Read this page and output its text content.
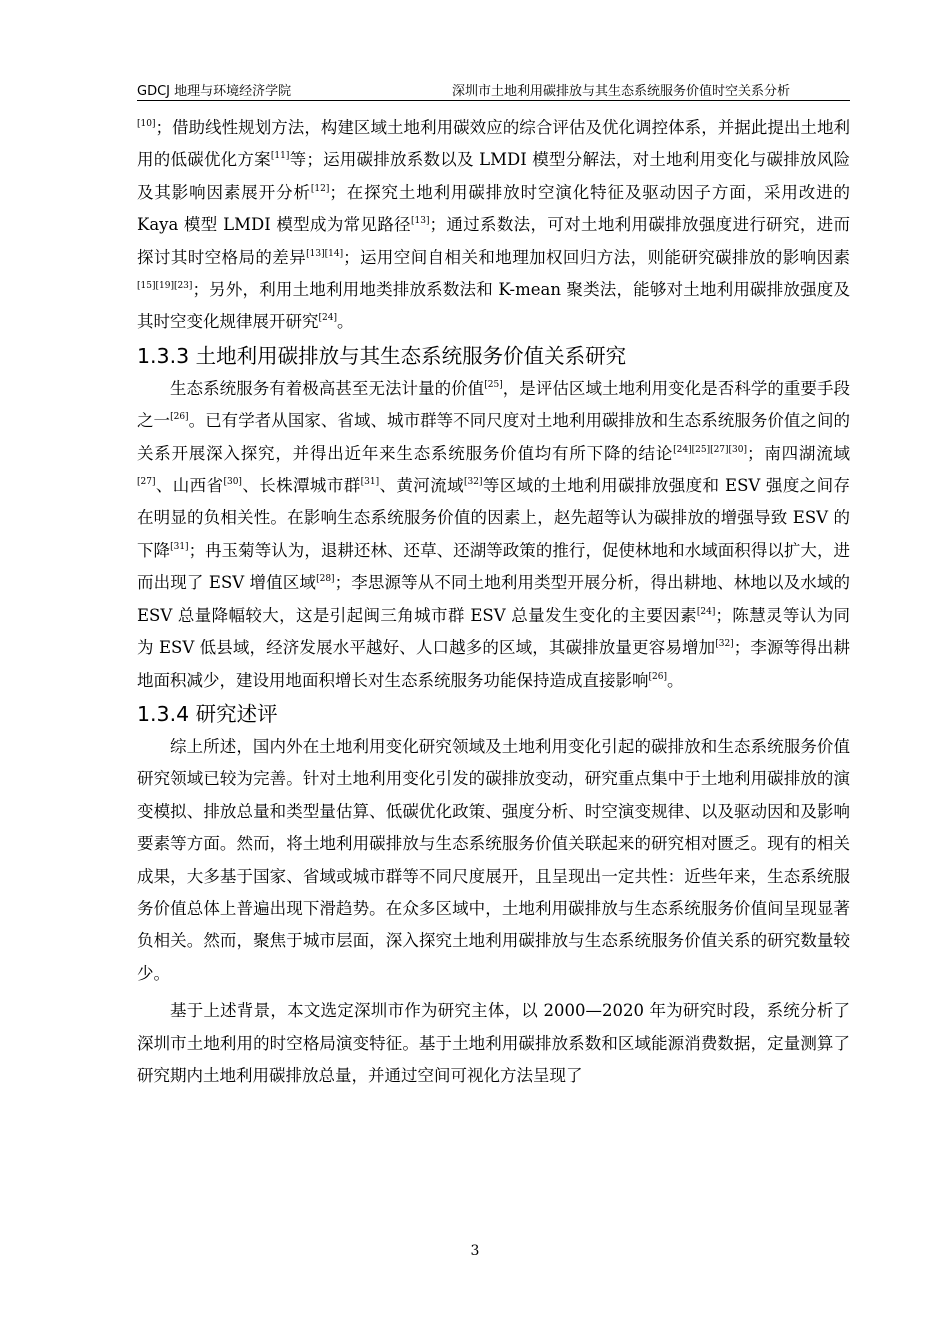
GDCJ 地理与环境经济学院	深圳市土地利用碳排放与其生态系统服务价值时空关系分析

[10]；借助线性规划方法，构建区域土地利用碳效应的综合评估及优化调控体系，并据此提出土地利用的低碳优化方案[11]等；运用碳排放系数以及 LMDI 模型分解法，对土地利用变化与碳排放风险及其影响因素展开分析[12]；在探究土地利用碳排放时空演化特征及驱动因子方面，采用改进的 Kaya 模型 LMDI 模型成为常见路径[13]；通过系数法，可对土地利用碳排放强度进行研究，进而探讨其时空格局的差异[13][14]；运用空间自相关和地理加权回归方法，则能研究碳排放的影响因素[15][19][23]；另外，利用土地利用地类排放系数法和 K-mean 聚类法，能够对土地利用碳排放强度及其时空变化规律展开研究[24]。

1.3.3 土地利用碳排放与其生态系统服务价值关系研究

生态系统服务有着极高甚至无法计量的价值[25]，是评估区域土地利用变化是否科学的重要手段之一[26]。已有学者从国家、省域、城市群等不同尺度对土地利用碳排放和生态系统服务价值之间的关系开展深入探究，并得出近年来生态系统服务价值均有所下降的结论[24][25][27][30]；南四湖流域[27]、山西省[30]、长株潭城市群[31]、黄河流域[32]等区域的土地利用碳排放强度和 ESV 强度之间存在明显的负相关性。在影响生态系统服务价值的因素上，赵先超等认为碳排放的增强导致 ESV 的下降[31]；冉玉菊等认为，退耕还林、还草、还湖等政策的推行，促使林地和水域面积得以扩大，进而出现了 ESV 增值区域[28]；李思源等从不同土地利用类型开展分析，得出耕地、林地以及水域的 ESV 总量降幅较大，这是引起闽三角城市群 ESV 总量发生变化的主要因素[24]；陈慧灵等认为同为 ESV 低县域，经济发展水平越好、人口越多的区域，其碳排放量更容易增加[32]；李源等得出耕地面积减少，建设用地面积增长对生态系统服务功能保持造成直接影响[26]。

1.3.4 研究述评

综上所述，国内外在土地利用变化研究领域及土地利用变化引起的碳排放和生态系统服务价值研究领域已较为完善。针对土地利用变化引发的碳排放变动，研究重点集中于土地利用碳排放的演变模拟、排放总量和类型量估算、低碳优化政策、强度分析、时空演变规律、以及驱动因和及影响要素等方面。然而，将土地利用碳排放与生态系统服务价值关联起来的研究相对匮乏。现有的相关成果，大多基于国家、省域或城市群等不同尺度展开，且呈现出一定共性：近些年来，生态系统服务价值总体上普遍出现下滑趋势。在众多区域中，土地利用碳排放与生态系统服务价值间呈现显著负相关。然而，聚焦于城市层面，深入探究土地利用碳排放与生态系统服务价值关系的研究数量较少。

基于上述背景，本文选定深圳市作为研究主体，以 2000—2020 年为研究时段，系统分析了深圳市土地利用的时空格局演变特征。基于土地利用碳排放系数和区域能源消费数据，定量测算了研究期内土地利用碳排放总量，并通过空间可视化方法呈现了

3
